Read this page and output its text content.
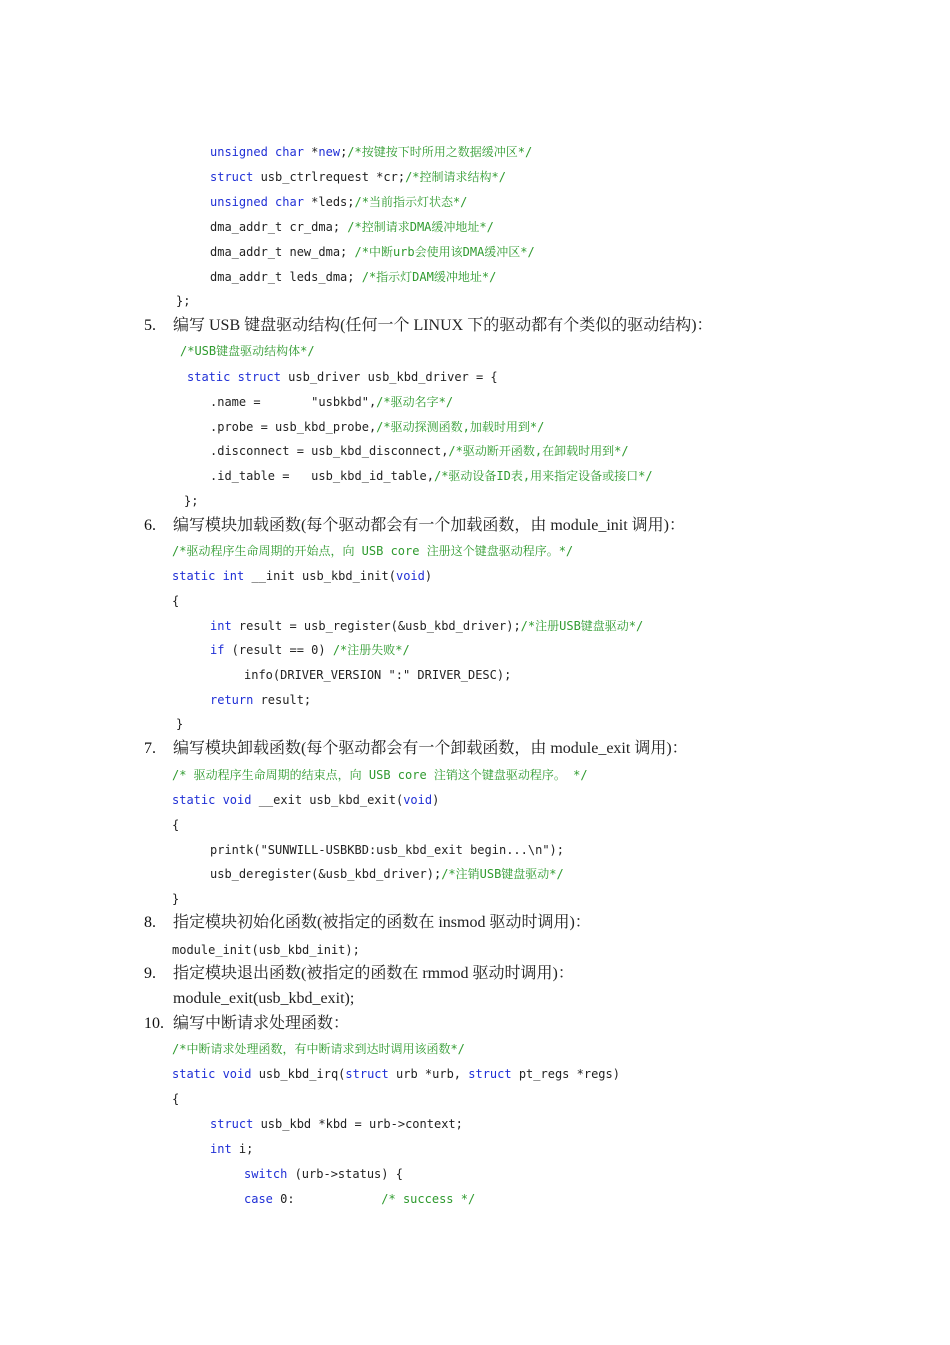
unsigned char *new;/*按键按下时所用之数据缓冲区*/
struct usb_ctrlrequest *cr;/*控制请求结构*/
unsigned char *leds;/*当前指示灯状态*/
dma_addr_t cr_dma; /*控制请求DMA缓冲地址*/
dma_addr_t new_dma; /*中断urb会使用该DMA缓冲区*/
dma_addr_t leds_dma; /*指示灯DAM缓冲地址*/
};
5. 编写 USB 键盘驱动结构(任何一个 LINUX 下的驱动都有个类似的驱动结构)：
/*USB键盘驱动结构体*/
static struct usb_driver usb_kbd_driver = {
.name =       "usbkbd",/*驱动名字*/
.probe = usb_kbd_probe,/*驱动探测函数,加载时用到*/
.disconnect = usb_kbd_disconnect,/*驱动断开函数,在卸载时用到*/
.id_table =   usb_kbd_id_table,/*驱动设备ID表,用来指定设备或接口*/
};
6. 编写模块加载函数(每个驱动都会有一个加载函数，由 module_init 调用)：
/*驱动程序生命周期的开始点，向 USB core 注册这个键盘驱动程序。*/
static int __init usb_kbd_init(void)
{
int result = usb_register(&usb_kbd_driver);/*注册USB键盘驱动*/
if (result == 0) /*注册失败*/
info(DRIVER_VERSION ":" DRIVER_DESC);
return result;
}
7. 编写模块卸载函数(每个驱动都会有一个卸载函数，由 module_exit 调用)：
/* 驱动程序生命周期的结束点，向 USB core 注销这个键盘驱动程序。 */
static void __exit usb_kbd_exit(void)
{
printk("SUNWILL-USBKBD:usb_kbd_exit begin...\n");
usb_deregister(&usb_kbd_driver);/*注销USB键盘驱动*/
}
8. 指定模块初始化函数(被指定的函数在 insmod 驱动时调用)：
module_init(usb_kbd_init);
9. 指定模块退出函数(被指定的函数在 rmmod 驱动时调用)：
module_exit(usb_kbd_exit);
10. 编写中断请求处理函数：
/*中断请求处理函数，有中断请求到达时调用该函数*/
static void usb_kbd_irq(struct urb *urb, struct pt_regs *regs)
{
struct usb_kbd *kbd = urb->context;
int i;
switch (urb->status) {
case 0:            /* success */
